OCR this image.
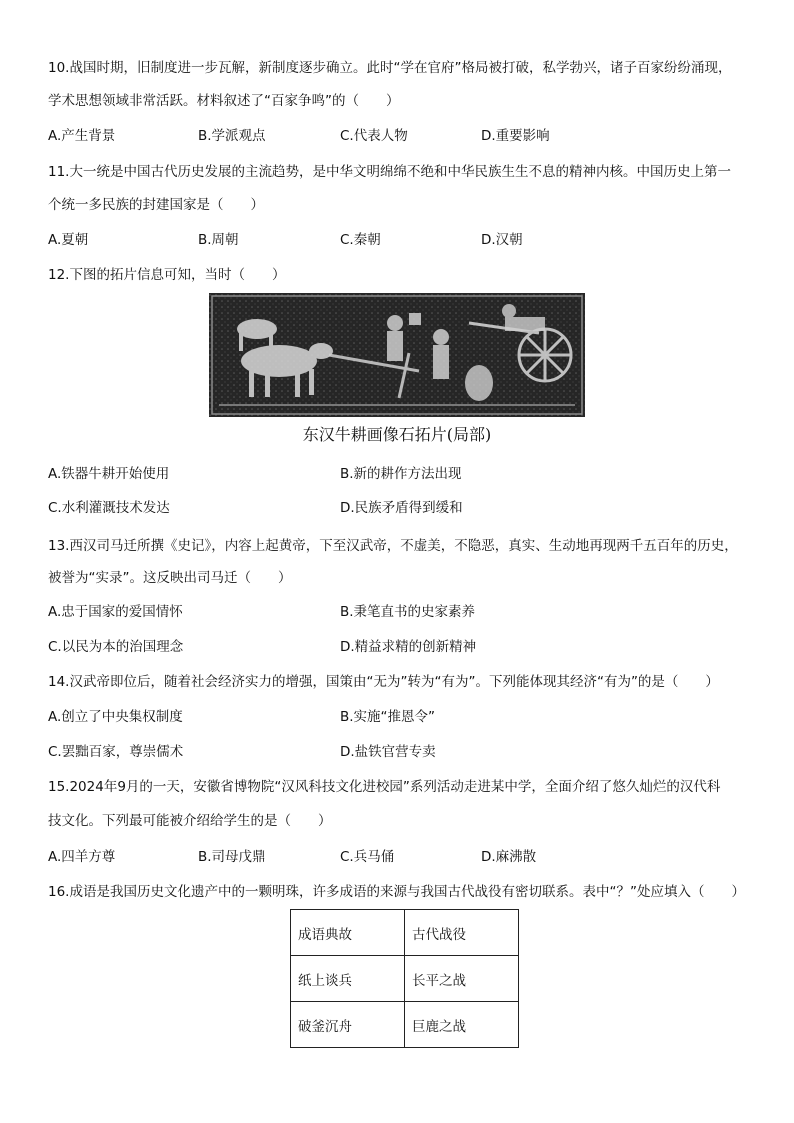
10.战国时期，旧制度进一步瓦解，新制度逐步确立。此时“学在官府”格局被打破，私学勃兴，诸子百家纷纷涌现，
学术思想领域非常活跃。材料叙述了“百家争鸣”的（　　）
A.产生背景	B.学派观点	C.代表人物	D.重要影响
11.大一统是中国古代历史发展的主流趋势，是中华文明绵绵不绝和中华民族生生不息的精神内核。中国历史上第一
个统一多民族的封建国家是（　　）
A.夏朝	B.周朝	C.秦朝	D.汉朝
12.下图的拓片信息可知，当时（　　）
东汉牛耕画像石拓片(局部)
A.铁器牛耕开始使用	B.新的耕作方法出现
C.水利灌溉技术发达	D.民族矛盾得到缓和
13.西汉司马迁所撰《史记》，内容上起黄帝，下至汉武帝，不虚美，不隐恶，真实、生动地再现两千五百年的历史，
被誉为“实录”。这反映出司马迁（　　）
A.忠于国家的爱国情怀	B.秉笔直书的史家素养
C.以民为本的治国理念	D.精益求精的创新精神
14.汉武帝即位后，随着社会经济实力的增强，国策由“无为”转为“有为”。下列能体现其经济“有为”的是（　　）
A.创立了中央集权制度	B.实施“推恩令”
C.罢黜百家，尊崇儒术	D.盐铁官营专卖
15.2024年9月的一天，安徽省博物院“汉风科技文化进校园”系列活动走进某中学，全面介绍了悠久灿烂的汉代科
技文化。下列最可能被介绍给学生的是（　　）
A.四羊方尊	B.司母戊鼎	C.兵马俑	D.麻沸散
16.成语是我国历史文化遗产中的一颗明珠，许多成语的来源与我国古代战役有密切联系。表中“？”处应填入（　　）
成语典故	古代战役
纸上谈兵	长平之战
破釜沉舟	巨鹿之战
